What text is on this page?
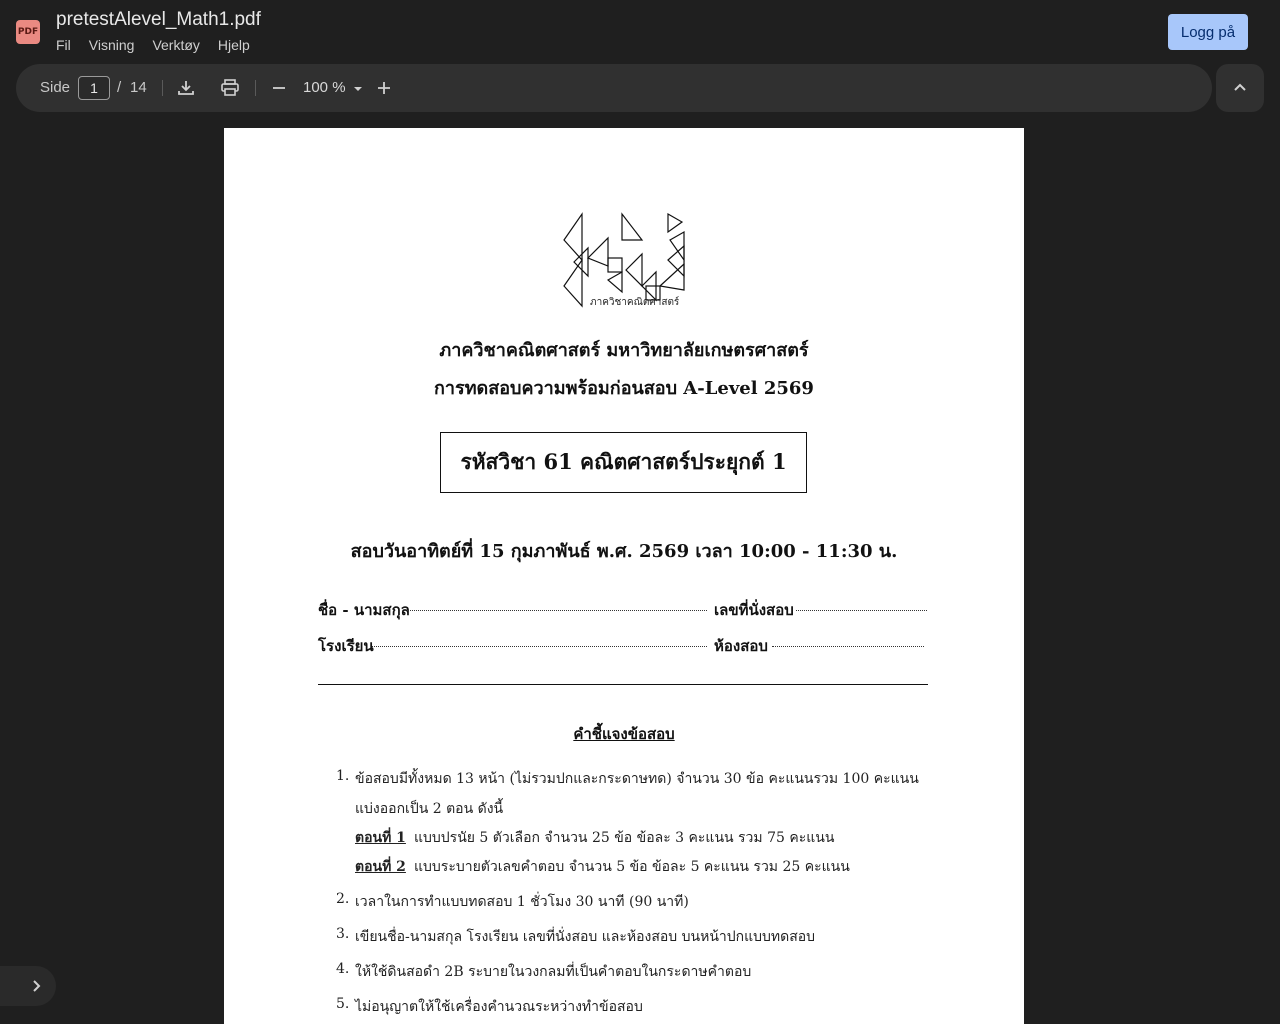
PDF
pretestAlevel_Math1.pdf
Fil Visning Verktøy Hjelp
Logg på
Side	1	/ 14	100 %
ภาควิชาคณิตศาสตร์
ภาควิชาคณิตศาสตร์ มหาวิทยาลัยเกษตรศาสตร์
การทดสอบความพร้อมก่อนสอบ A-Level 2569
รหัสวิชา 61 คณิตศาสตร์ประยุกต์ 1
สอบวันอาทิตย์ที่ 15 กุมภาพันธ์ พ.ศ. 2569 เวลา 10:00 - 11:30 น.
ชื่อ - นามสกุล	เลขที่นั่งสอบ
โรงเรียน	ห้องสอบ
คำชี้แจงข้อสอบ
1. ข้อสอบมีทั้งหมด 13 หน้า (ไม่รวมปกและกระดาษทด) จำนวน 30 ข้อ คะแนนรวม 100 คะแนน
แบ่งออกเป็น 2 ตอน ดังนี้
ตอนที่ 1 แบบปรนัย 5 ตัวเลือก จำนวน 25 ข้อ ข้อละ 3 คะแนน รวม 75 คะแนน
ตอนที่ 2 แบบระบายตัวเลขคำตอบ จำนวน 5 ข้อ ข้อละ 5 คะแนน รวม 25 คะแนน
2. เวลาในการทำแบบทดสอบ 1 ชั่วโมง 30 นาที (90 นาที)
3. เขียนชื่อ-นามสกุล โรงเรียน เลขที่นั่งสอบ และห้องสอบ บนหน้าปกแบบทดสอบ
4. ให้ใช้ดินสอดำ 2B ระบายในวงกลมที่เป็นคำตอบในกระดาษคำตอบ
5. ไม่อนุญาตให้ใช้เครื่องคำนวณระหว่างทำข้อสอบ
